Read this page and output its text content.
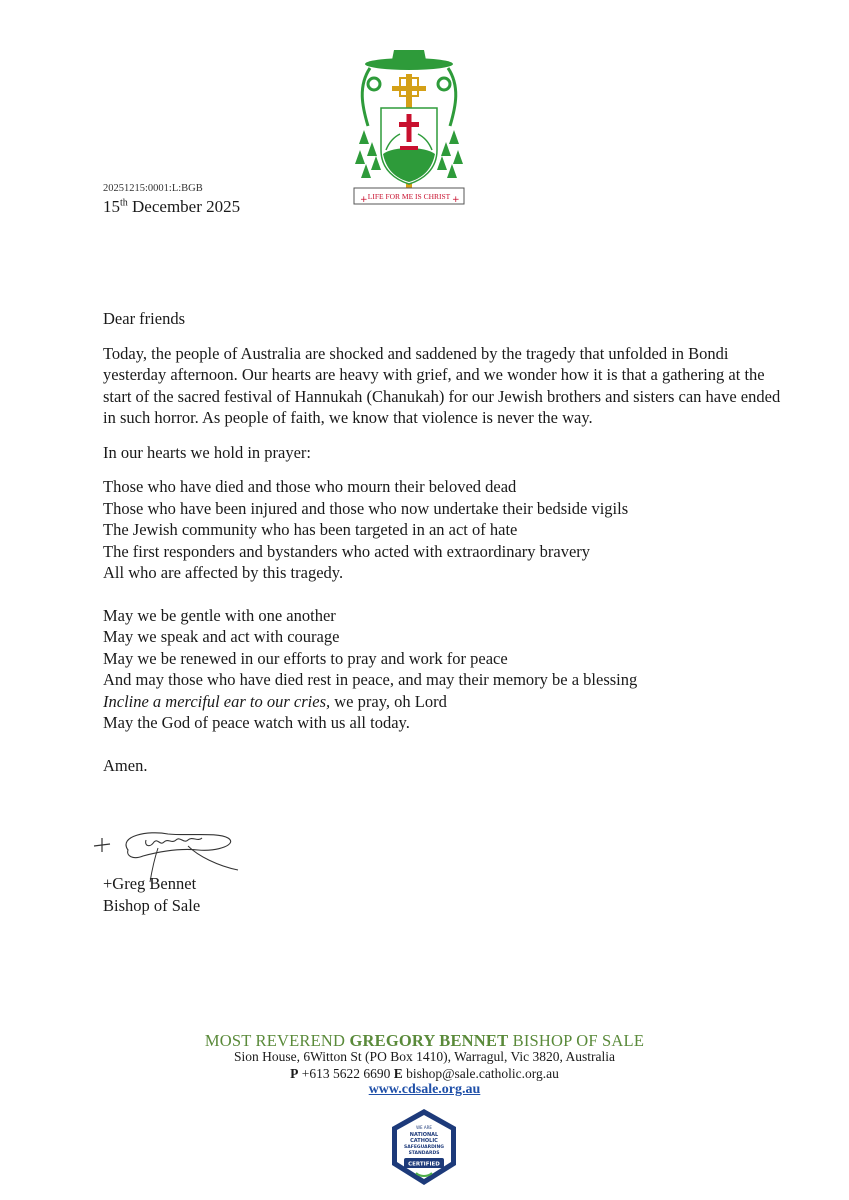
20251215:0001:L:BGB
15th December 2025
LIFE FOR ME IS CHRIST
+	+

Dear friends

Today, the people of Australia are shocked and saddened by the tragedy that unfolded in Bondi yesterday afternoon. Our hearts are heavy with grief, and we wonder how it is that a gathering at the start of the sacred festival of Hannukah (Chanukah) for our Jewish brothers and sisters can have ended in such horror. As people of faith, we know that violence is never the way.

In our hearts we hold in prayer:

Those who have died and those who mourn their beloved dead
Those who have been injured and those who now undertake their bedside vigils
The Jewish community who has been targeted in an act of hate
The first responders and bystanders who acted with extraordinary bravery
All who are affected by this tragedy.

May we be gentle with one another
May we speak and act with courage
May we be renewed in our efforts to pray and work for peace
And may those who have died rest in peace, and may their memory be a blessing
Incline a merciful ear to our cries, we pray, oh Lord
May the God of peace watch with us all today.

Amen.

+Greg Bennet
Bishop of Sale
MOST REVEREND GREGORY BENNET BISHOP OF SALE
Sion House, 6Witton St (PO Box 1410), Warragul, Vic 3820, Australia
P +613 5622 6690 E bishop@sale.catholic.org.au
www.cdsale.org.au
WE ARE
NATIONAL
CATHOLIC
SAFEGUARDING
STANDARDS
CERTIFIED
